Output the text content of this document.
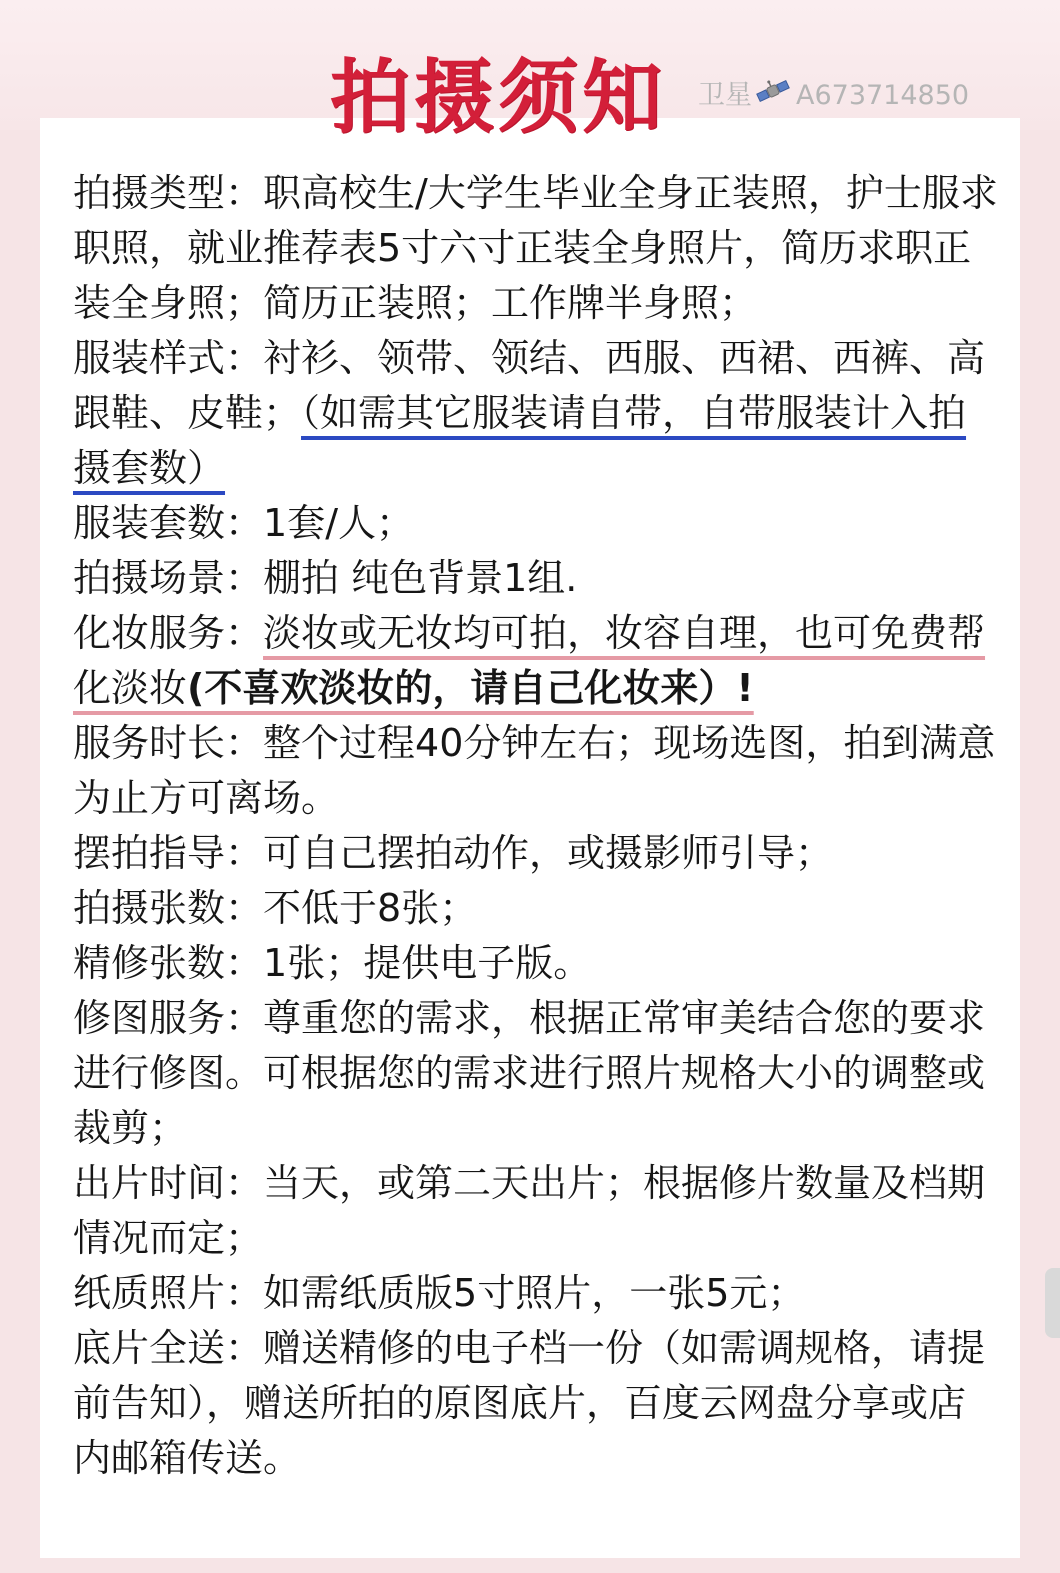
拍摄须知 卫星 A673714850

拍摄类型：职高校生/大学生毕业全身正装照，护士服求职照，就业推荐表5寸六寸正装全身照片，简历求职正装全身照；简历正装照；工作牌半身照；

服装样式：衬衫、领带、领结、西服、西裙、西裤、高跟鞋、皮鞋；（如需其它服装请自带，自带服装计入拍摄套数）

服装套数：1套/人；

拍摄场景：棚拍 纯色背景1组.

化妆服务：淡妆或无妆均可拍，妆容自理，也可免费帮化淡妆(不喜欢淡妆的，请自己化妆来）!

服务时长：整个过程40分钟左右；现场选图，拍到满意为止方可离场。

摆拍指导：可自己摆拍动作，或摄影师引导；

拍摄张数：不低于8张；

精修张数：1张；提供电子版。

修图服务：尊重您的需求，根据正常审美结合您的要求进行修图。可根据您的需求进行照片规格大小的调整或裁剪；

出片时间：当天，或第二天出片；根据修片数量及档期情况而定；

纸质照片：如需纸质版5寸照片，一张5元；

底片全送：赠送精修的电子档一份（如需调规格，请提前告知），赠送所拍的原图底片，百度云网盘分享或店内邮箱传送。
